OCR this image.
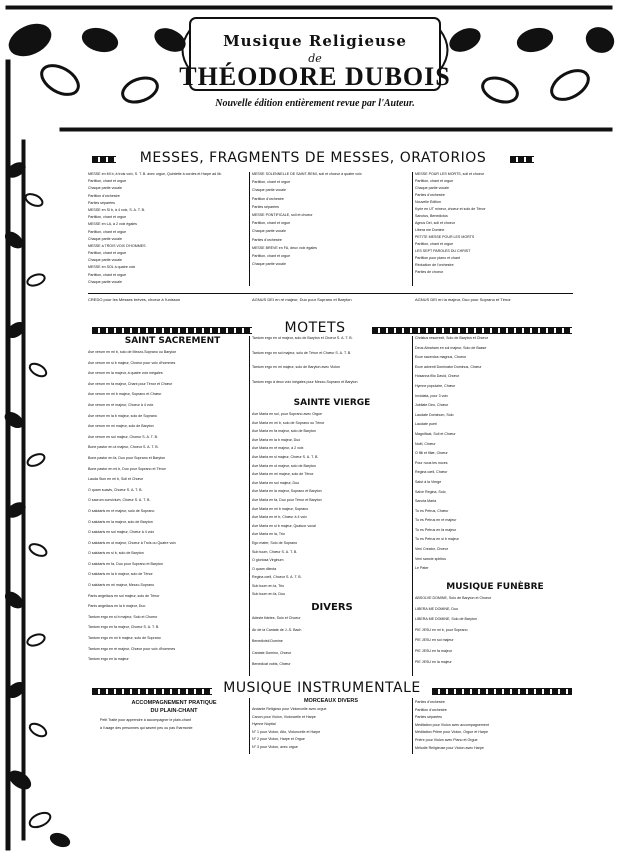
Musique Religieuse
de
THÉODORE DUBOIS
Nouvelle édition entièrement revue par l'Auteur.
MESSES, FRAGMENTS DE MESSES, ORATORIOS
MESSE en MI b, à trois voix, S. T. B. avec orgue, Quintette à cordes et Harpe ad lib.
Partition, chant et orgue
Chaque partie vocale
Partition d'orchestre
Parties séparées
MESSE en SI b, à 4 voix, S. A. T. B.
Partition, chant et orgue
MESSE en LA, à 2 voix égales
Partition, chant et orgue
Chaque partie vocale
MESSE à TROIS VOIX D'HOMMES
Partition, chant et orgue
Chaque partie vocale
MESSE en SOL à quatre voix
Partition, chant et orgue
Chaque partie vocale
MESSE SOLENNELLE DE SAINT-REMI, soli et choeur à quatre voix
Partition, chant et orgue
Chaque partie vocale
Partition d'orchestre
Parties séparées
MESSE PONTIFICALE, soli et choeur
Partition, chant et orgue
Chaque partie vocale
Parties d'orchestre
MESSE BRÈVE en FA, deux voix égales
Partition, chant et orgue
Chaque partie vocale
MESSE POUR LES MORTS, soli et choeur
Partition, chant et orgue
Chaque partie vocale
Parties d'orchestre
Nouvelle Édition
Kyrie en UT mineur, choeur et solo de Ténor
Sanctus, Benedictus
Agnus Dei, soli et choeur
Libera me Domine
PETITE MESSE POUR LES MORTS
Partition, chant et orgue
LES SEPT PAROLES DU CHRIST
Partition pour piano et chant
Réduction de l'orchestre
Parties de choeur
CREDO pour les Messes brèves, choeur à l'unisson	AGNUS DEI en ré majeur, Duo pour Soprano et Baryton	AGNUS DEI en la majeur, Duo pour Soprano et Ténor
MOTETS
SAINT SACREMENT
Ave verum en mi b, solo de Mezzo-Soprano ou Baryton
Ave verum en si b majeur, Choeur pour voix d'hommes
Ave verum en la majeur, à quatre voix inégales
Ave verum en fa majeur, Chant pour Ténor et Chœur
Ave verum en mi b majeur, Soprano et Chœur
Ave verum en ré majeur, Choeur à 4 voix
Ave verum en la b majeur, solo de Soprano
Ave verum en mi majeur, solo de Baryton
Ave verum en sol majeur, Choeur S. A. T. B.
Bone pastor en ut majeur, Choeur S. A. T. B.
Bone pastor en fa, Duo pour Soprano et Baryton
Bone pastor en mi b, Duo pour Soprano et Ténor
Lauda Sion en mi b, Soli et Chœur
O quam suavis, Choeur S. A. T. B.
O sacrum convivium, Chœur S. A. T. B.
O salutaris en ré majeur, solo de Soprano
O salutaris en la majeur, solo de Baryton
O salutaris en sol majeur, Chœur à 4 voix
O salutaris en ut majeur, Choeur à Trois ou Quatre voix
O salutaris en si b, solo de Baryton
O salutaris en fa, Duo pour Soprano et Baryton
O salutaris en la b majeur, solo de Ténor
O salutaris en mi majeur, Mezzo-Soprano
Panis angelicus en sol majeur, solo de Ténor
Panis angelicus en la b majeur, Duo
Tantum ergo en si b majeur, Solo et Choeur
Tantum ergo en fa majeur, Choeur S. A. T. B.
Tantum ergo en mi b majeur, solo de Soprano
Tantum ergo en ré majeur, Chœur pour voix d'hommes
Tantum ergo en la majeur
Tantum ergo en ut majeur, solo de Baryton et Chœur S. A. T. B.
Tantum ergo en sol majeur, solo de Ténor et Chœur S. A. T. B.
Tantum ergo en mi majeur, solo de Baryton avec Violon
Tantum ergo à deux voix inégales pour Mezzo-Soprano et Baryton
SAINTE VIERGE
Ave Maria en sol, pour Soprano avec Orgue
Ave Maria en mi b, solo de Soprano ou Ténor
Ave Maria en fa majeur, solo de Baryton
Ave Maria en la b majeur, Duo
Ave Maria en ré majeur, à 2 voix
Ave Maria en si majeur, Chœur S. A. T. B.
Ave Maria en ut majeur, solo de Baryton
Ave Maria en mi majeur, solo de Ténor
Ave Maria en sol majeur, Duo
Ave Maria en la majeur, Soprano et Baryton
Ave Maria en fa, Duo pour Ténor et Baryton
Ave Maria en mi b majeur, Soprano
Ave Maria en ré b, Chœur à 4 voix
Ave Maria en si b majeur, Quatuor vocal
Ave Maria en la, Trio
Ego mater, Solo de Soprano
Sub tuum, Chœur S. A. T. B.
O gloriosa Virginum
O quam dilecta
Regina cœli, Choeur S. A. T. B.
Sub tuum en la, Trio
Sub tuum en fa, Duo
DIVERS
Adeste fideles, Solo et Choeur
Air de la Cantate de J.-S. Bach
Benedixisti Domine
Cantate Domino, Chœur
Benedicat vobis, Chœur
Christus resurrexit, Solo de Baryton et Chœur
Deus Abraham en sol majeur, Solo de Basse
Ecce sacerdos magnus, Choeur
Ecce advenit Dominator Dominus, Chœur
Hosanna filio David, Chœur
Hymne populaire, Chœur
Inviolata, pour 3 voix
Jubilate Deo, Chœur
Laudate Dominum, Solo
Laudate pueri
Magnificat, Soli et Chœur
Noël, Chœur
O filii et filiæ, Chœur
Pour nous les noces
Regina cœli, Chœur
Salut à la Vierge
Salve Regina, Solo
Sancta Maria
Tu es Petrus, Chœur
Tu es Petrus en ré majeur
Tu es Petrus en fa majeur
Tu es Petrus en si b majeur
Veni Creator, Chœur
Veni sancte spiritus
Le Pater
MUSIQUE FUNÈBRE
ABSOLVE DOMINE, Solo de Baryton et Choeur
LIBERA ME DOMINE, Duo
LIBERA ME DOMINE, Solo de Baryton
PIE JESU en mi b, pour Soprano
PIE JESU en sol majeur
PIE JESU en fa majeur
PIE JESU en la majeur
MUSIQUE INSTRUMENTALE
ACCOMPAGNEMENT PRATIQUE
DU PLAIN-CHANT
Petit Traité pour apprendre à accompagner le plain-chant
à l'usage des personnes qui savent peu ou pas l'harmonie
MORCEAUX DIVERS
Andante Religioso pour Violoncelle avec orgue
Canon pour Violon, Violoncelle et Harpe
Hymne Nuptial
N° 1 pour Violon, Alto, Violoncelle et Harpe
N° 2 pour Violon, Harpe et Orgue
N° 3 pour Violon, avec orgue
Parties d'orchestre
Partition d'orchestre
Parties séparées
Méditation pour Violon avec accompagnement
Méditation Prière pour Violon, Orgue et Harpe
Prière pour Violon avec Piano et Orgue
Mélodie Religieuse pour Violon avec Harpe
